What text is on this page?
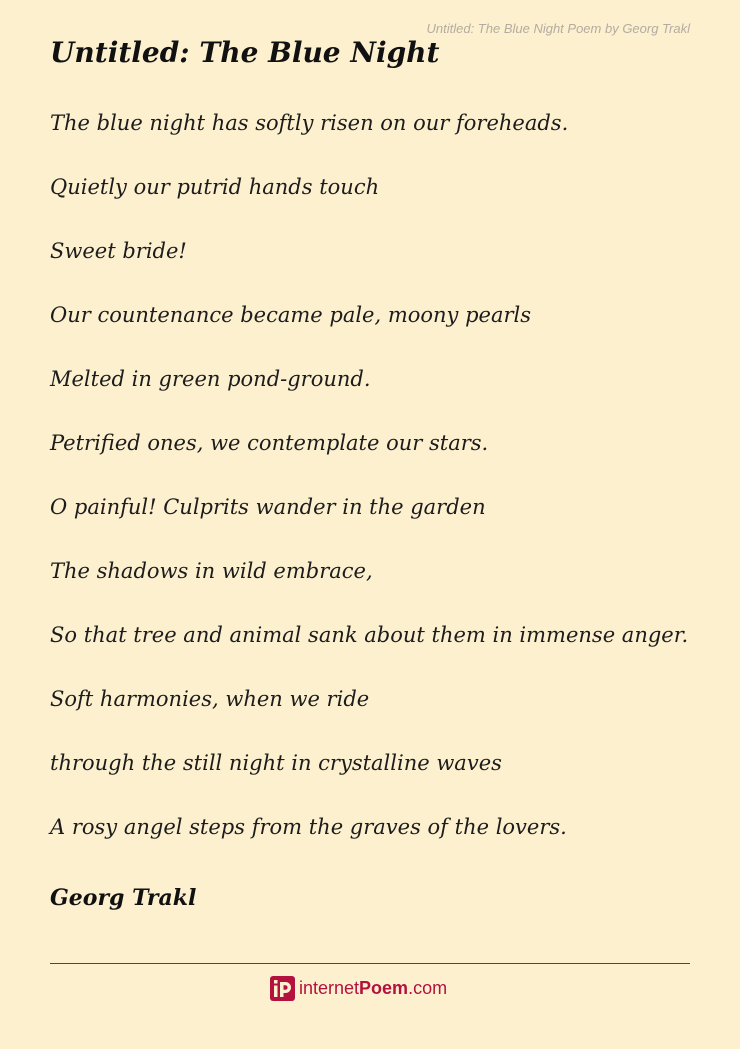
Untitled: The Blue Night Poem by Georg Trakl
Untitled: The Blue Night

The blue night has softly risen on our foreheads.

Quietly our putrid hands touch

Sweet bride!

Our countenance became pale, moony pearls

Melted in green pond-ground.

Petrified ones, we contemplate our stars.

O painful! Culprits wander in the garden

The shadows in wild embrace,

So that tree and animal sank about them in immense anger.

Soft harmonies, when we ride

through the still night in crystalline waves

A rosy angel steps from the graves of the lovers.

Georg Trakl
internetPoem.com
